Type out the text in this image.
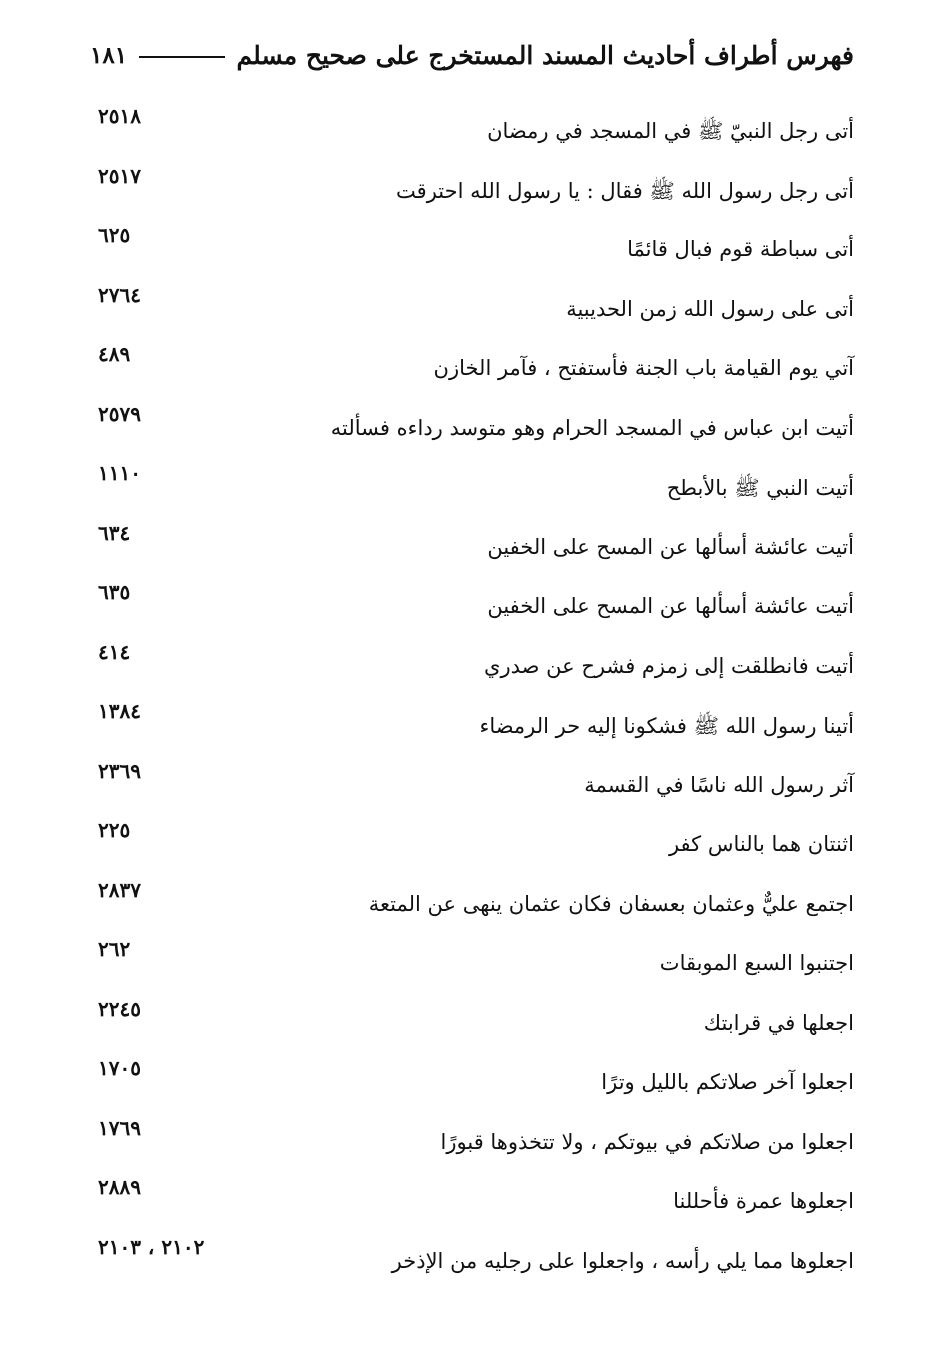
فهرس أطراف أحاديث المسند المستخرج على صحيح مسلم
١٨١
أتى رجل النبيّ ﷺ في المسجد في رمضان
٢٥١٨
أتى رجل رسول الله ﷺ فقال : يا رسول الله احترقت
٢٥١٧
أتى سباطة قوم فبال قائمًا
٦٢٥
أتى على رسول الله زمن الحديبية
٢٧٦٤
آتي يوم القيامة باب الجنة فأستفتح ، فآمر الخازن
٤٨٩
أتيت ابن عباس في المسجد الحرام وهو متوسد رداءه فسألته
٢٥٧٩
أتيت النبي ﷺ بالأبطح
١١١٠
أتيت عائشة أسألها عن المسح على الخفين
٦٣٤
أتيت عائشة أسألها عن المسح على الخفين
٦٣٥
أتيت فانطلقت إلى زمزم فشرح عن صدري
٤١٤
أتينا رسول الله ﷺ فشكونا إليه حر الرمضاء
١٣٨٤
آثر رسول الله ناسًا في القسمة
٢٣٦٩
اثنتان هما بالناس كفر
٢٢٥
اجتمع عليٌّ وعثمان بعسفان فكان عثمان ينهى عن المتعة
٢٨٣٧
اجتنبوا السبع الموبقات
٢٦٢
اجعلها في قرابتك
٢٢٤٥
اجعلوا آخر صلاتكم بالليل وترًا
١٧٠٥
اجعلوا من صلاتكم في بيوتكم ، ولا تتخذوها قبورًا
١٧٦٩
اجعلوها عمرة فأحللنا
٢٨٨٩
اجعلوها مما يلي رأسه ، واجعلوا على رجليه من الإذخر
٢١٠٢ ، ٢١٠٣
